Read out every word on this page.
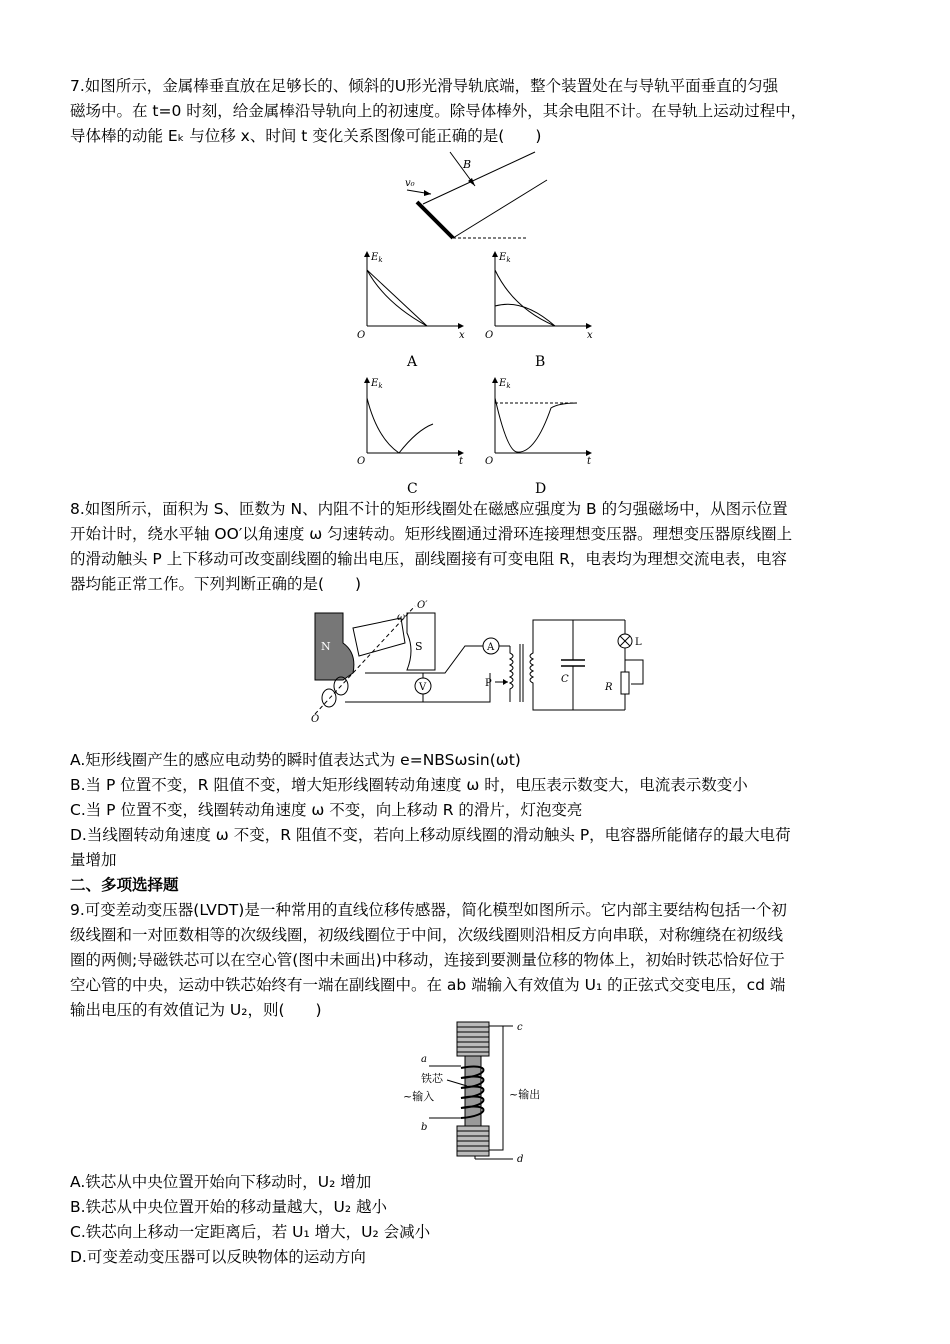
7.如图所示，金属棒垂直放在足够长的、倾斜的U形光滑导轨底端，整个装置处在与导轨平面垂直的匀强
磁场中。在 t=0 时刻，给金属棒沿导轨向上的初速度。除导体棒外，其余电阻不计。在导轨上运动过程中，
导体棒的动能 Eₖ 与位移 x、时间 t 变化关系图像可能正确的是(　　)
B
v₀
$E_k$
O	x
A
$E_k$
O	x
B
$E_k$
O	t
C
$E_k$
O	t
D
8.如图所示，面积为 S、匝数为 N、内阻不计的矩形线圈处在磁感应强度为 B 的匀强磁场中，从图示位置
开始计时，绕水平轴 OO′以角速度 ω 匀速转动。矩形线圈通过滑环连接理想变压器。理想变压器原线圈上
的滑动触头 P 上下移动可改变副线圈的输出电压，副线圈接有可变电阻 R，电表均为理想交流电表，电容
器均能正常工作。下列判断正确的是(　　)
N	S
ω
O′
O
A
V	P	C
L
R
A.矩形线圈产生的感应电动势的瞬时值表达式为 e=NBSωsin(ωt)
B.当 P 位置不变，R 阻值不变，增大矩形线圈转动角速度 ω 时，电压表示数变大，电流表示数变小
C.当 P 位置不变，线圈转动角速度 ω 不变，向上移动 R 的滑片，灯泡变亮
D.当线圈转动角速度 ω 不变，R 阻值不变，若向上移动原线圈的滑动触头 P，电容器所能储存的最大电荷
量增加
二、多项选择题
9.可变差动变压器(LVDT)是一种常用的直线位移传感器，简化模型如图所示。它内部主要结构包括一个初
级线圈和一对匝数相等的次级线圈，初级线圈位于中间，次级线圈则沿相反方向串联，对称缠绕在初级线
圈的两侧;导磁铁芯可以在空心管(图中未画出)中移动，连接到要测量位移的物体上，初始时铁芯恰好位于
空心管的中央，运动中铁芯始终有一端在副线圈中。在 ab 端输入有效值为 U₁ 的正弦式交变电压，cd 端
输出电压的有效值记为 U₂，则(　　)
a
b
铁芯
~输入
c
d
~输出
A.铁芯从中央位置开始向下移动时，U₂ 增加
B.铁芯从中央位置开始的移动量越大，U₂ 越小
C.铁芯向上移动一定距离后，若 U₁ 增大，U₂ 会减小
D.可变差动变压器可以反映物体的运动方向
